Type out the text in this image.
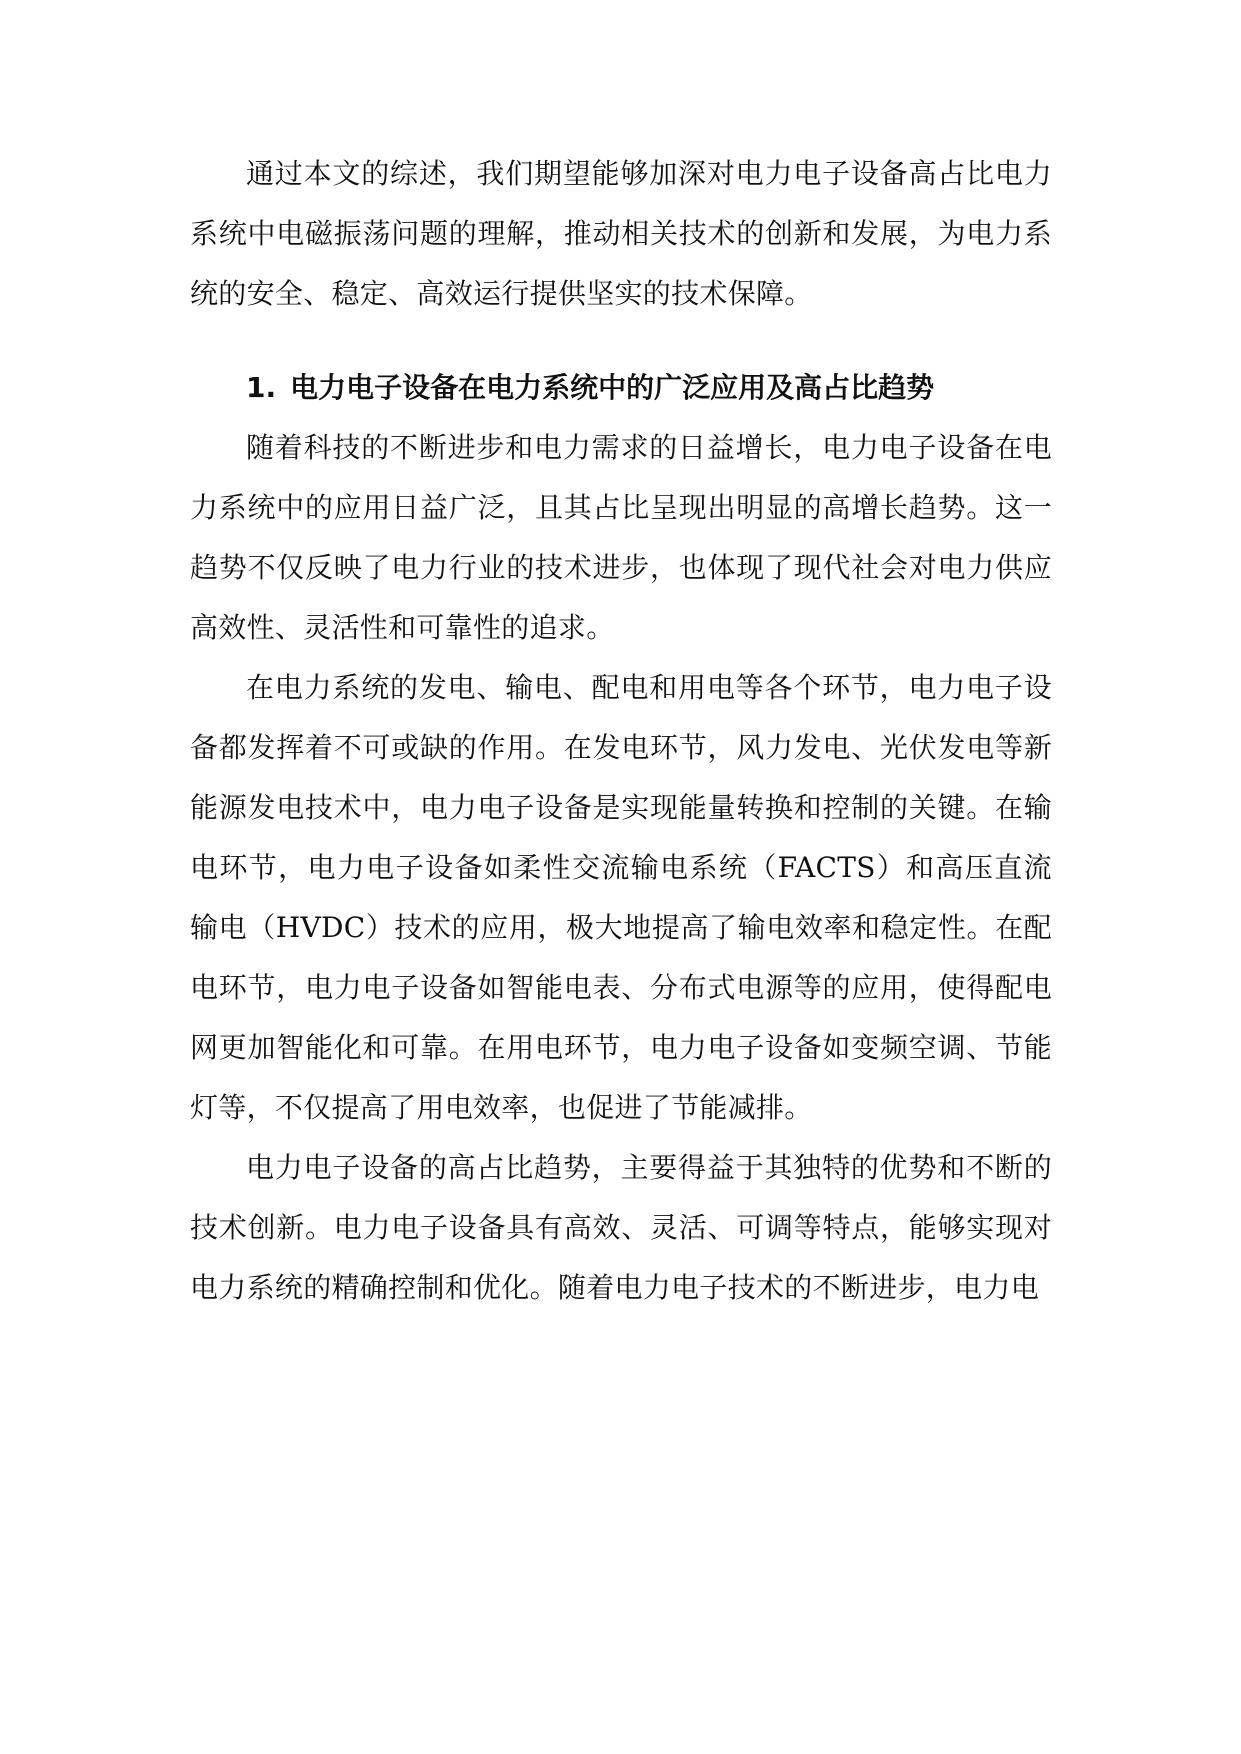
通过本文的综述，我们期望能够加深对电力电子设备高占比电力系统中电磁振荡问题的理解，推动相关技术的创新和发展，为电力系统的安全、稳定、高效运行提供坚实的技术保障。

1. 电力电子设备在电力系统中的广泛应用及高占比趋势

随着科技的不断进步和电力需求的日益增长，电力电子设备在电力系统中的应用日益广泛，且其占比呈现出明显的高增长趋势。这一趋势不仅反映了电力行业的技术进步，也体现了现代社会对电力供应高效性、灵活性和可靠性的追求。

在电力系统的发电、输电、配电和用电等各个环节，电力电子设备都发挥着不可或缺的作用。在发电环节，风力发电、光伏发电等新能源发电技术中，电力电子设备是实现能量转换和控制的关键。在输电环节，电力电子设备如柔性交流输电系统（FACTS）和高压直流输电（HVDC）技术的应用，极大地提高了输电效率和稳定性。在配电环节，电力电子设备如智能电表、分布式电源等的应用，使得配电网更加智能化和可靠。在用电环节，电力电子设备如变频空调、节能灯等，不仅提高了用电效率，也促进了节能减排。

电力电子设备的高占比趋势，主要得益于其独特的优势和不断的技术创新。电力电子设备具有高效、灵活、可调等特点，能够实现对电力系统的精确控制和优化。随着电力电子技术的不断进步，电力电
